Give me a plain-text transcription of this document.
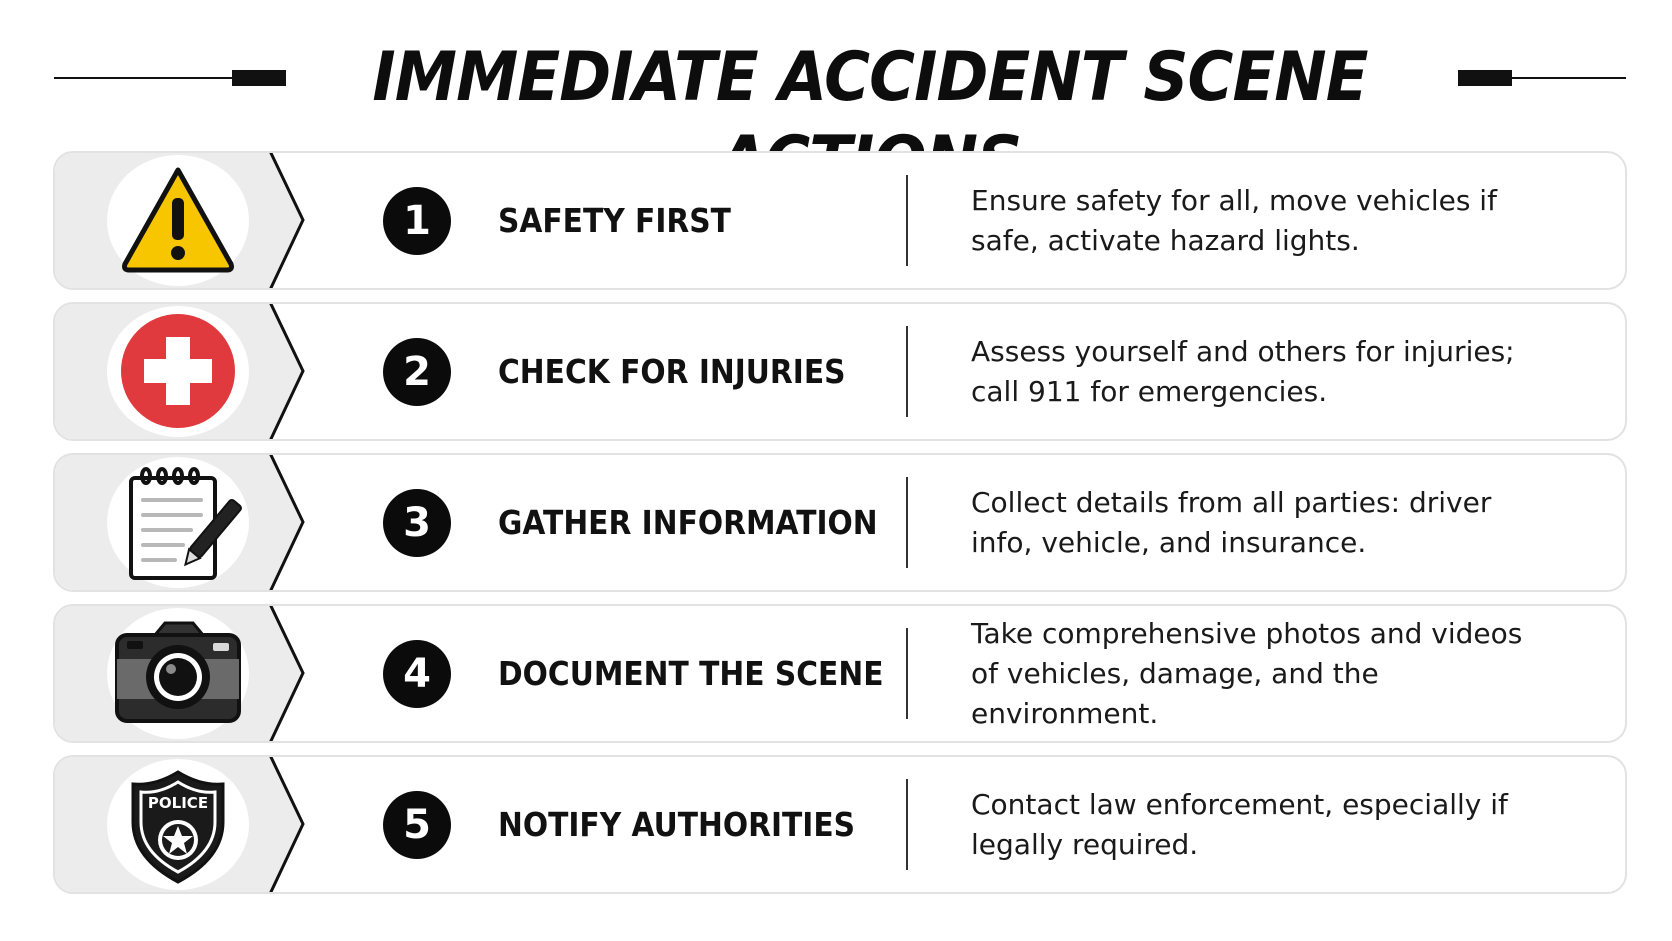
IMMEDIATE ACCIDENT SCENE
1	SAFETY FIRST
Ensure safety for all, move vehicles if safe, activate hazard lights.
2	CHECK FOR INJURIES
Assess yourself and others for injuries; call 911 for emergencies.
3	GATHER INFORMATION
Collect details from all parties: driver info, vehicle, and insurance.
4	DOCUMENT THE SCENE
Take comprehensive photos and videos of vehicles, damage, and the environment.
POLICE	5	NOTIFY AUTHORITIES
Contact law enforcement, especially if legally required.
